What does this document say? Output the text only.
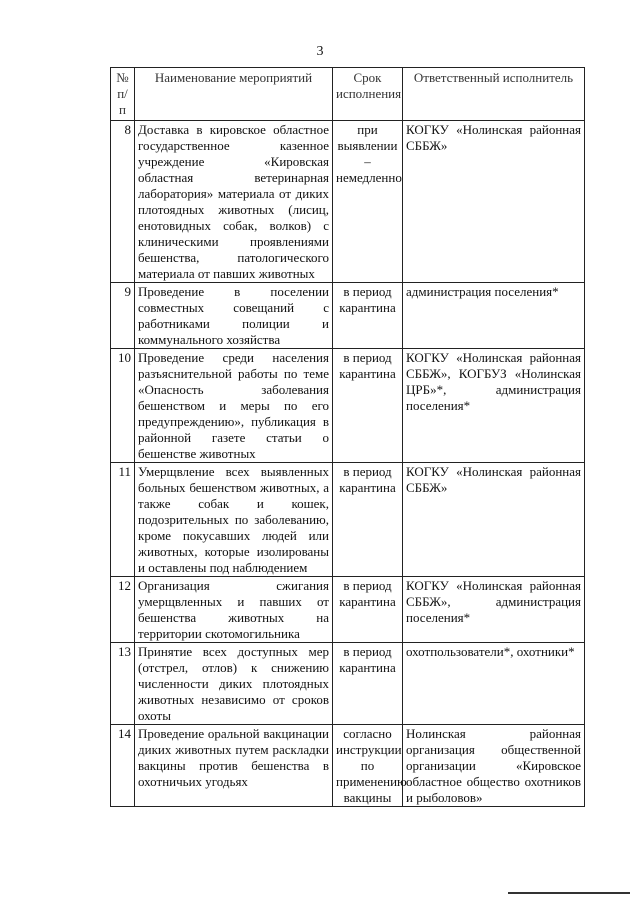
3
№ п/п	Наименование мероприятий	Срок исполнения	Ответственный исполнитель
8	Доставка в кировское областное государственное казенное учреждение «Кировская областная ветеринарная лаборатория» материала от диких плотоядных животных (лисиц, енотовидных собак, волков) с клиническими проявлениями бешенства, патологического материала от павших животных	при выявлении – немедленно	КОГКУ «Нолинская районная СББЖ»
9	Проведение в поселении совместных совещаний с работниками полиции и коммунального хозяйства	в период карантина	администрация поселения*
10	Проведение среди населения разъяснительной работы по теме «Опасность заболевания бешенством и меры по его предупреждению», публикация в районной газете статьи о бешенстве животных	в период карантина	КОГКУ «Нолинская районная СББЖ», КОГБУЗ «Нолинская ЦРБ»*, администрация поселения*
11	Умерщвление всех выявленных больных бешенством животных, а также собак и кошек, подозрительных по заболеванию, кроме покусавших людей или животных, которые изолированы и оставлены под наблюдением	в период карантина	КОГКУ «Нолинская районная СББЖ»
12	Организация сжигания умерщвленных и павших от бешенства животных на территории скотомогильника	в период карантина	КОГКУ «Нолинская районная СББЖ», администрация поселения*
13	Принятие всех доступных мер (отстрел, отлов) к снижению численности диких плотоядных животных независимо от сроков охоты	в период карантина	охотпользователи*, охотники*
14	Проведение оральной вакцинации диких животных путем раскладки вакцины против бешенства в охотничьих угодьях	согласно инструкции по применению вакцины	Нолинская районная организация общественной организации «Кировское областное общество охотников и рыболовов»
